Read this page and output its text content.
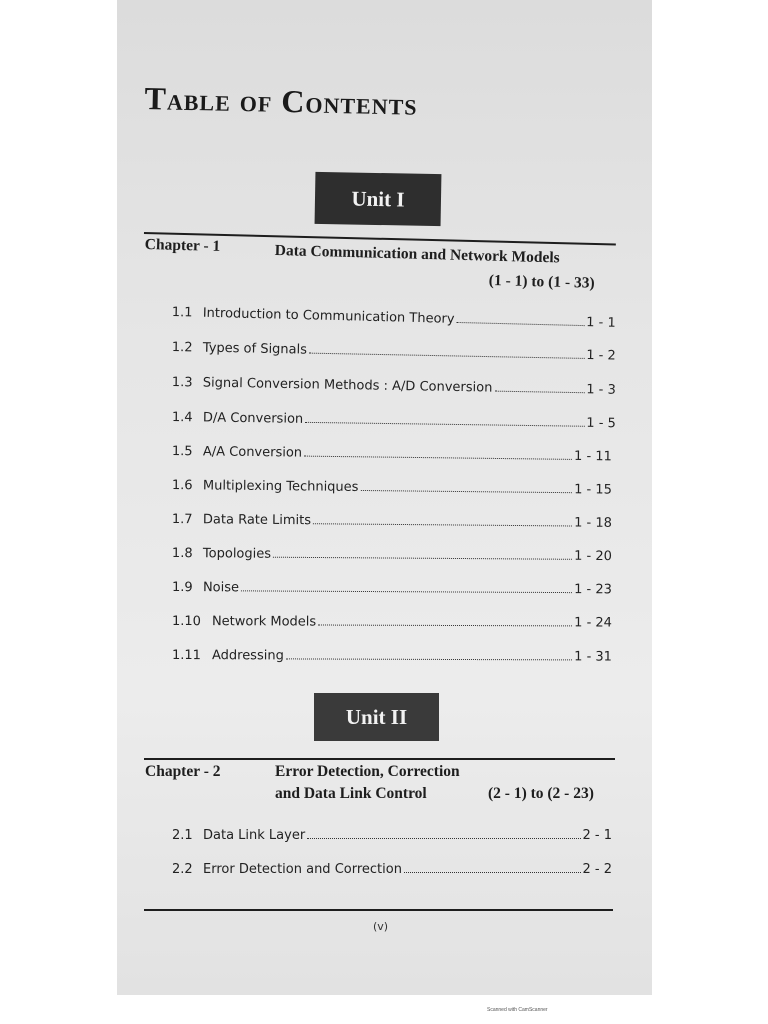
Table of Contents
Unit I
Chapter - 1	Data Communication and Network Models
(1 - 1) to (1 - 33)
1.1 Introduction to Communication Theory	1 - 1
1.2 Types of Signals	1 - 2
1.3 Signal Conversion Methods : A/D Conversion	1 - 3
1.4 D/A Conversion	1 - 5
1.5 A/A Conversion	1 - 11
1.6 Multiplexing Techniques	1 - 15
1.7 Data Rate Limits	1 - 18
1.8 Topologies	1 - 20
1.9 Noise	1 - 23
1.10 Network Models	1 - 24
1.11 Addressing	1 - 31
Unit II
Chapter - 2	Error Detection, Correction
and Data Link Control	(2 - 1) to (2 - 23)
2.1 Data Link Layer	2 - 1
2.2 Error Detection and Correction	2 - 2
(v)
Scanned with CamScanner
